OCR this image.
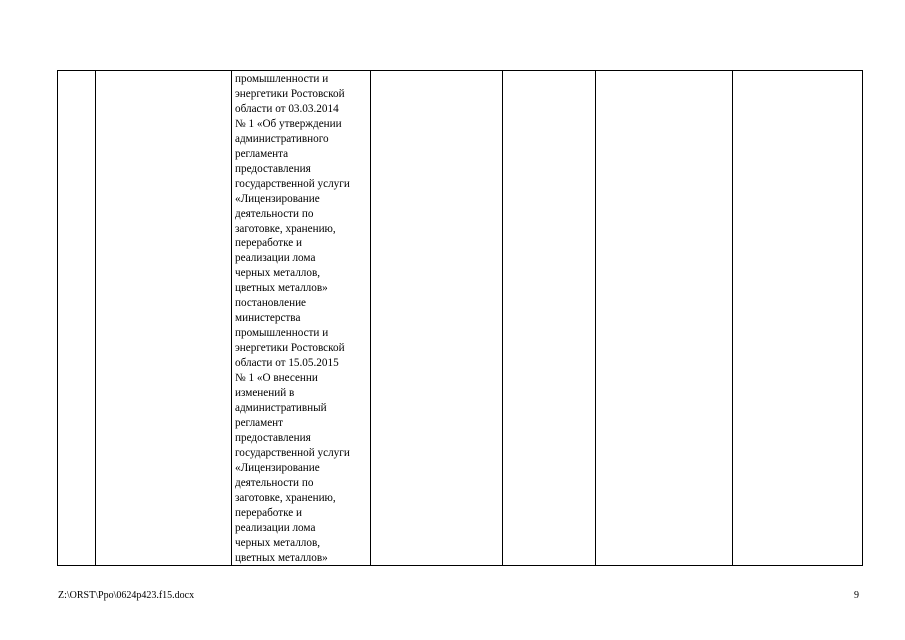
промышленности и
энергетики Ростовской
области от 03.03.2014
№ 1 «Об утверждении
административного
регламента
предоставления
государственной услуги
«Лицензирование
деятельности по
заготовке, хранению,
переработке и
реализации лома
черных металлов,
цветных металлов»
постановление
министерства
промышленности и
энергетики Ростовской
области от 15.05.2015
№ 1 «О внесенни
изменений в
административный
регламент
предоставления
государственной услуги
«Лицензирование
деятельности по
заготовке, хранению,
переработке и
реализации лома
черных металлов,
цветных металлов»

Z:\ORST\Ppo\0624p423.f15.docx	9
